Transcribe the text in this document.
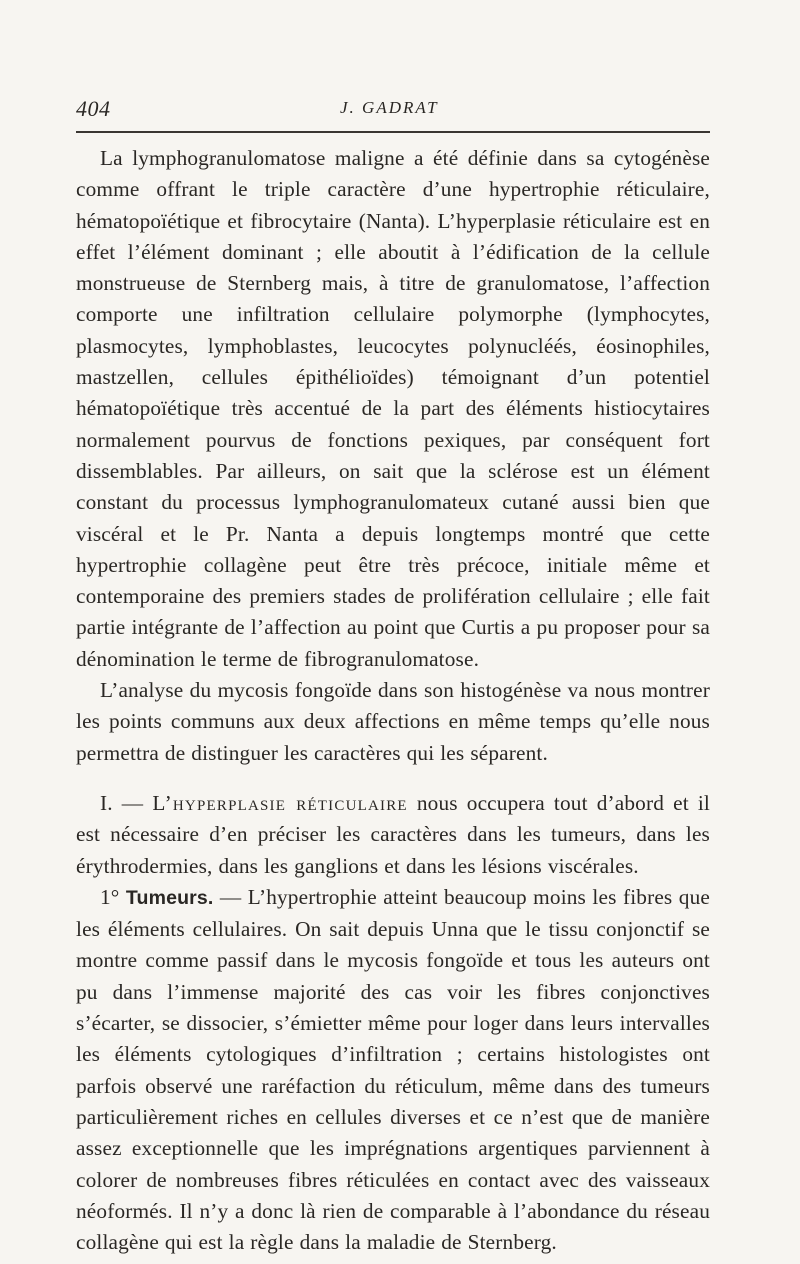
404	J. GADRAT

La lymphogranulomatose maligne a été définie dans sa cytogénèse comme offrant le triple caractère d’une hypertrophie réticulaire, hématopoïétique et fibrocytaire (Nanta). L’hyperplasie réticulaire est en effet l’élément dominant ; elle aboutit à l’édification de la cellule monstrueuse de Sternberg mais, à titre de granulomatose, l’affection comporte une infiltration cellulaire polymorphe (lymphocytes, plasmocytes, lymphoblastes, leucocytes polynucléés, éosinophiles, mastzellen, cellules épithélioïdes) témoignant d’un potentiel hématopoïétique très accentué de la part des éléments histiocytaires normalement pourvus de fonctions pexiques, par conséquent fort dissemblables. Par ailleurs, on sait que la sclérose est un élément constant du processus lymphogranulomateux cutané aussi bien que viscéral et le Pr. Nanta a depuis longtemps montré que cette hypertrophie collagène peut être très précoce, initiale même et contemporaine des premiers stades de prolifération cellulaire ; elle fait partie intégrante de l’affection au point que Curtis a pu proposer pour sa dénomination le terme de fibrogranulomatose.

L’analyse du mycosis fongoïde dans son histogénèse va nous montrer les points communs aux deux affections en même temps qu’elle nous permettra de distinguer les caractères qui les séparent.

I. — L’hyperplasie réticulaire nous occupera tout d’abord et il est nécessaire d’en préciser les caractères dans les tumeurs, dans les érythrodermies, dans les ganglions et dans les lésions viscérales.

1° Tumeurs. — L’hypertrophie atteint beaucoup moins les fibres que les éléments cellulaires. On sait depuis Unna que le tissu conjonctif se montre comme passif dans le mycosis fongoïde et tous les auteurs ont pu dans l’immense majorité des cas voir les fibres conjonctives s’écarter, se dissocier, s’émietter même pour loger dans leurs intervalles les éléments cytologiques d’infiltration ; certains histologistes ont parfois observé une raréfaction du réticulum, même dans des tumeurs particulièrement riches en cellules diverses et ce n’est que de manière assez exceptionnelle que les imprégnations argentiques parviennent à colorer de nombreuses fibres réticulées en contact avec des vaisseaux néoformés. Il n’y a donc là rien de comparable à l’abondance du réseau collagène qui est la règle dans la maladie de Sternberg.
